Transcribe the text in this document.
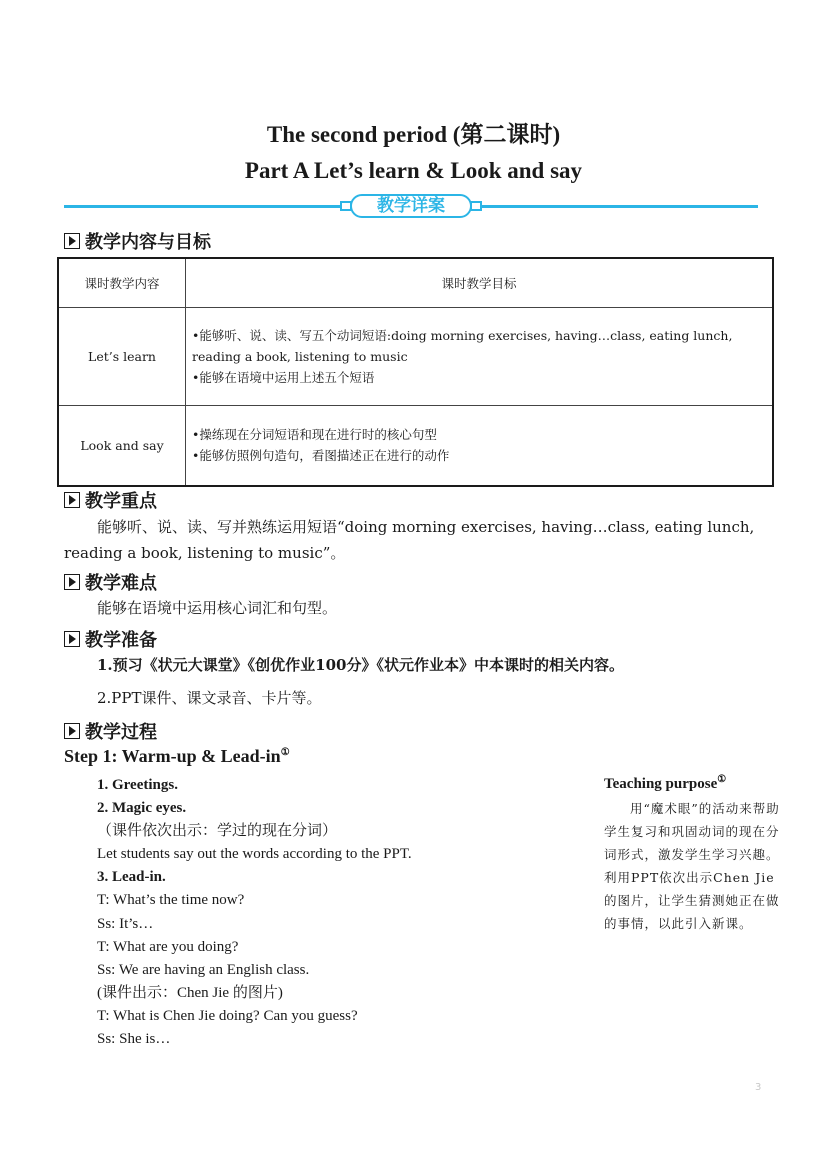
The second period (第二课时)
Part A Let’s learn & Look and say
教学详案
教学内容与目标
课时教学内容	课时教学目标
Let’s learn	•能够听、说、读、写五个动词短语:doing morning exercises, having…class, eating lunch, reading a book, listening to music
•能够在语境中运用上述五个短语

Look and say	•操练现在分词短语和现在进行时的核心句型
•能够仿照例句造句，看图描述正在进行的动作
教学重点
能够听、说、读、写并熟练运用短语“doing morning exercises, having…class, eating lunch, reading a book, listening to music”。
教学难点
能够在语境中运用核心词汇和句型。
教学准备
1.预习《状元大课堂》《创优作业100分》《状元作业本》中本课时的相关内容。
2.PPT课件、课文录音、卡片等。
教学过程
Step 1: Warm-up & Lead-in①
1. Greetings.
2. Magic eyes.
（课件依次出示：学过的现在分词）
Let students say out the words according to the PPT.
3. Lead-in.
T: What’s the time now?
Ss: It’s…
T: What are you doing?
Ss: We are having an English class.
(课件出示：Chen Jie 的图片)
T: What is Chen Jie doing? Can you guess?
Ss: She is…
Teaching purpose①
用“魔术眼”的活动来帮助学生复习和巩固动词的现在分词形式，激发学生学习兴趣。利用PPT依次出示Chen Jie 的图片，让学生猜测她正在做的事情，以此引入新课。
3
